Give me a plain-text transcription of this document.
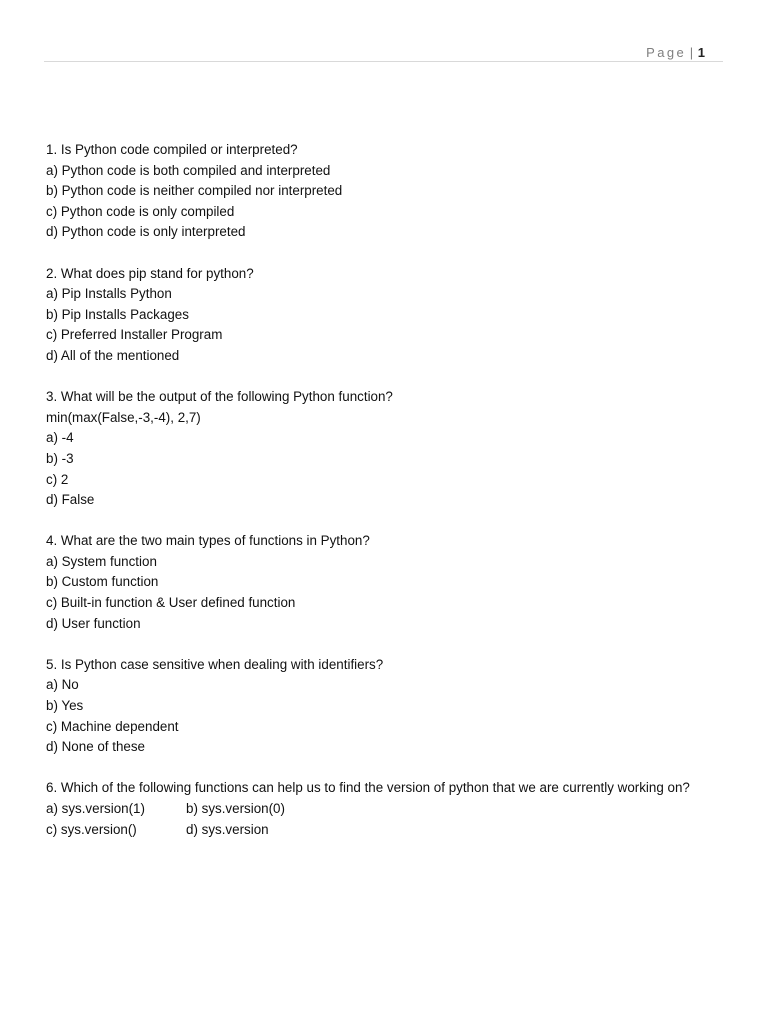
Page | 1
1. Is Python code compiled or interpreted?
a) Python code is both compiled and interpreted
b) Python code is neither compiled nor interpreted
c) Python code is only compiled
d) Python code is only interpreted
2. What does pip stand for python?
a) Pip Installs Python
b) Pip Installs Packages
c) Preferred Installer Program
d) All of the mentioned
3. What will be the output of the following Python function?
min(max(False,-3,-4), 2,7)
a) -4
b) -3
c) 2
d) False
4. What are the two main types of functions in Python?
a) System function
b) Custom function
c) Built-in function & User defined function
d) User function
5. Is Python case sensitive when dealing with identifiers?
a) No
b) Yes
c) Machine dependent
d) None of these
6. Which of the following functions can help us to find the version of python that we are currently working on?
a) sys.version(1)	b) sys.version(0)
c) sys.version()	d) sys.version
